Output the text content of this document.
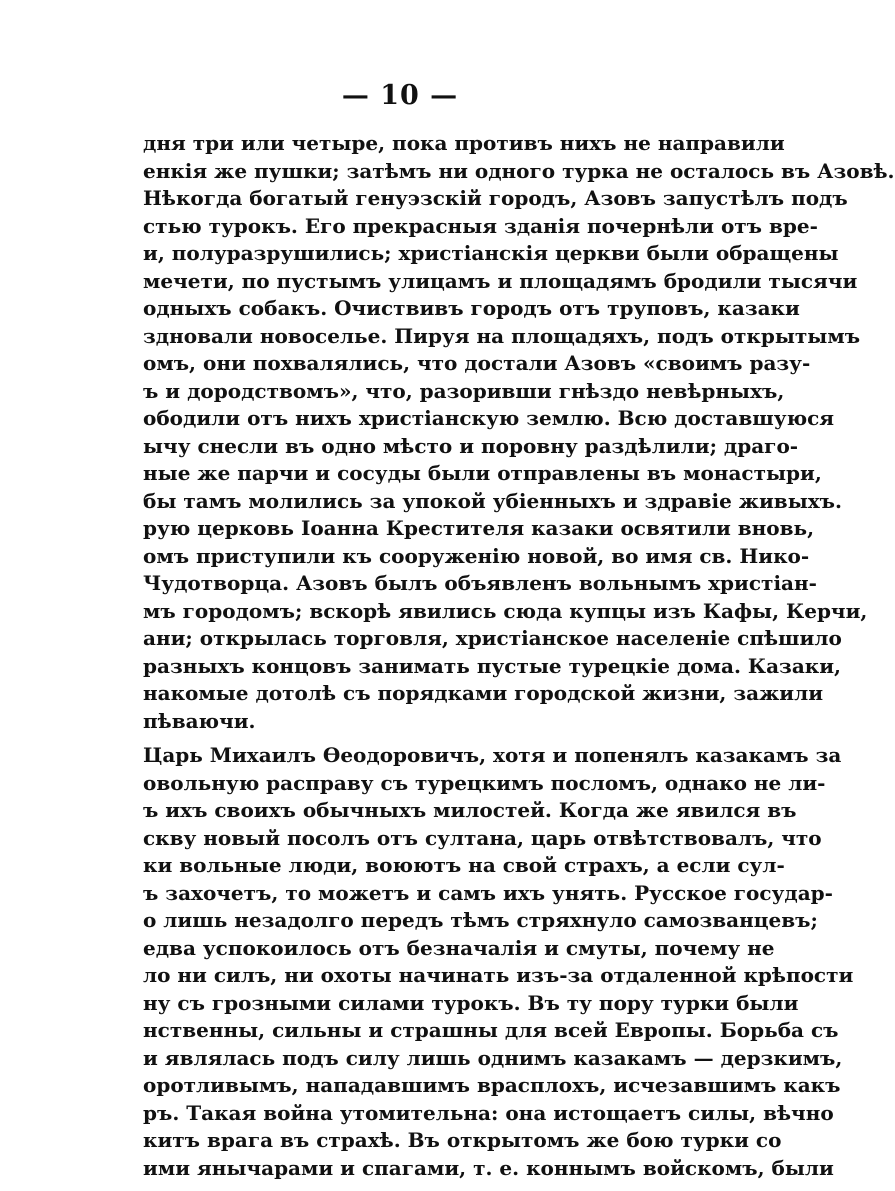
— 10 —
дня три или четыре, пока противъ нихъ не направили
енкія же пушки; затѣмъ ни одного турка не осталось въ Азовѣ.
Нѣкогда богатый генуэзскій городъ, Азовъ запустѣлъ подъ
стью турокъ. Его прекрасныя зданія почернѣли отъ вре-
и, полуразрушились; христіанскія церкви были обращены
мечети, по пустымъ улицамъ и площадямъ бродили тысячи
одныхъ собакъ. Очиствивъ городъ отъ трупoвъ, казаки
здновали новоселье. Пируя на площадяхъ, подъ открытымъ
омъ, они похвалялись, что достали Азовъ «своимъ разу-
ъ и дородствомъ», что, разоривши гнѣздо невѣрныхъ,
ободили отъ нихъ христіанскую землю. Всю доставшуюся
ычу снесли въ одно мѣсто и поровну раздѣлили; драго-
ные же парчи и сосуды были отправлены въ монастыри,
бы тамъ молились за упокой убіенныхъ и здравіе живыхъ.
рую церковь Іоанна Крестителя казаки освятили вновь,
омъ приступили къ сооруженію новой, во имя св. Нико-
Чудотворца. Азовъ былъ объявленъ вольнымъ христіан-
мъ городомъ; вскорѣ явились сюда купцы изъ Кафы, Керчи,
ани; открылась торговля, христіанское населеніе спѣшило
разныхъ концовъ занимать пустые турецкіе дома. Казаки,
накомые дотолѣ съ порядками городской жизни, зажили
пѣваючи.
Царь Михаилъ Ѳеодоровичъ, хотя и попенялъ казакамъ за
овольную расправу съ турецкимъ посломъ, однако не ли-
ъ ихъ своихъ обычныхъ милостей. Когда же явился въ
скву новый посолъ отъ султана, царь отвѣтствовалъ, что
ки вольные люди, воюютъ на свой страхъ, а если сул-
ъ захочетъ, то можетъ и самъ ихъ унять. Русское государ-
о лишь незадолго передъ тѣмъ стряхнуло самозванцевъ;
едва успокоилось отъ безначалія и смуты, почему не
ло ни силъ, ни охоты начинать изъ-за отдаленной крѣпости
ну съ грозными силами турокъ. Въ ту пору турки были
нственны, сильны и страшны для всей Европы. Борьба съ
и являлась подъ силу лишь однимъ казакамъ — дерзкимъ,
оротливымъ, нападавшимъ врасплохъ, исчезавшимъ какъ
ръ. Такая война утомительна: она истощаетъ силы, вѣчно
китъ врага въ страхѣ. Въ открытомъ же бою турки со
ими янычарами и спагами, т. е. коннымъ войскомъ, были
